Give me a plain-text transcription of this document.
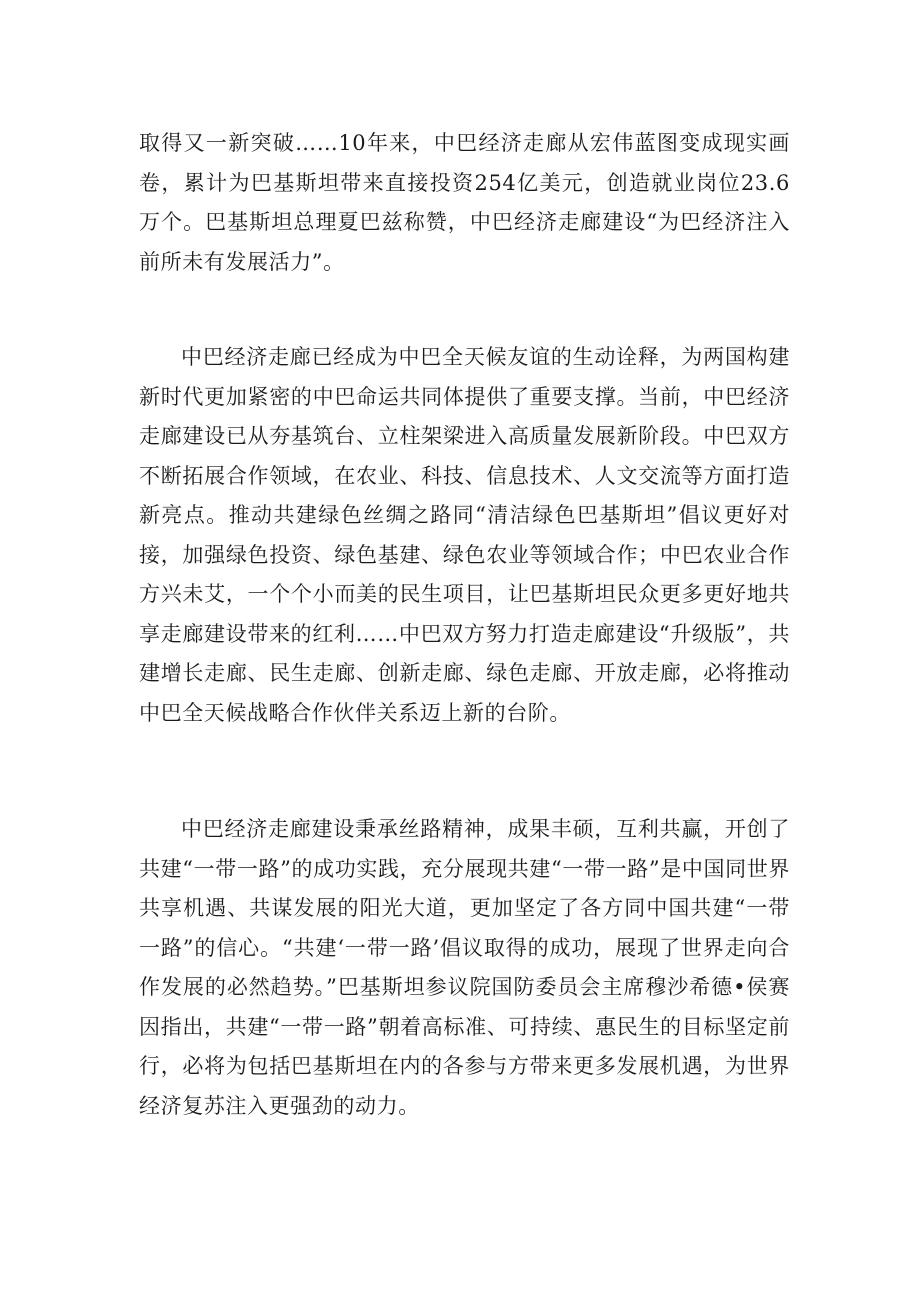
取得又一新突破……10年来，中巴经济走廊从宏伟蓝图变成现实画卷，累计为巴基斯坦带来直接投资254亿美元，创造就业岗位23.6万个。巴基斯坦总理夏巴兹称赞，中巴经济走廊建设“为巴经济注入前所未有发展活力”。

中巴经济走廊已经成为中巴全天候友谊的生动诠释，为两国构建新时代更加紧密的中巴命运共同体提供了重要支撑。当前，中巴经济走廊建设已从夯基筑台、立柱架梁进入高质量发展新阶段。中巴双方不断拓展合作领域，在农业、科技、信息技术、人文交流等方面打造新亮点。推动共建绿色丝绸之路同“清洁绿色巴基斯坦”倡议更好对接，加强绿色投资、绿色基建、绿色农业等领域合作；中巴农业合作方兴未艾，一个个小而美的民生项目，让巴基斯坦民众更多更好地共享走廊建设带来的红利……中巴双方努力打造走廊建设“升级版”，共建增长走廊、民生走廊、创新走廊、绿色走廊、开放走廊，必将推动中巴全天候战略合作伙伴关系迈上新的台阶。

中巴经济走廊建设秉承丝路精神，成果丰硕，互利共赢，开创了共建“一带一路”的成功实践，充分展现共建“一带一路”是中国同世界共享机遇、共谋发展的阳光大道，更加坚定了各方同中国共建“一带一路”的信心。“共建‘一带一路’倡议取得的成功，展现了世界走向合作发展的必然趋势。”巴基斯坦参议院国防委员会主席穆沙希德•侯赛因指出，共建“一带一路”朝着高标准、可持续、惠民生的目标坚定前行，必将为包括巴基斯坦在内的各参与方带来更多发展机遇，为世界经济复苏注入更强劲的动力。
